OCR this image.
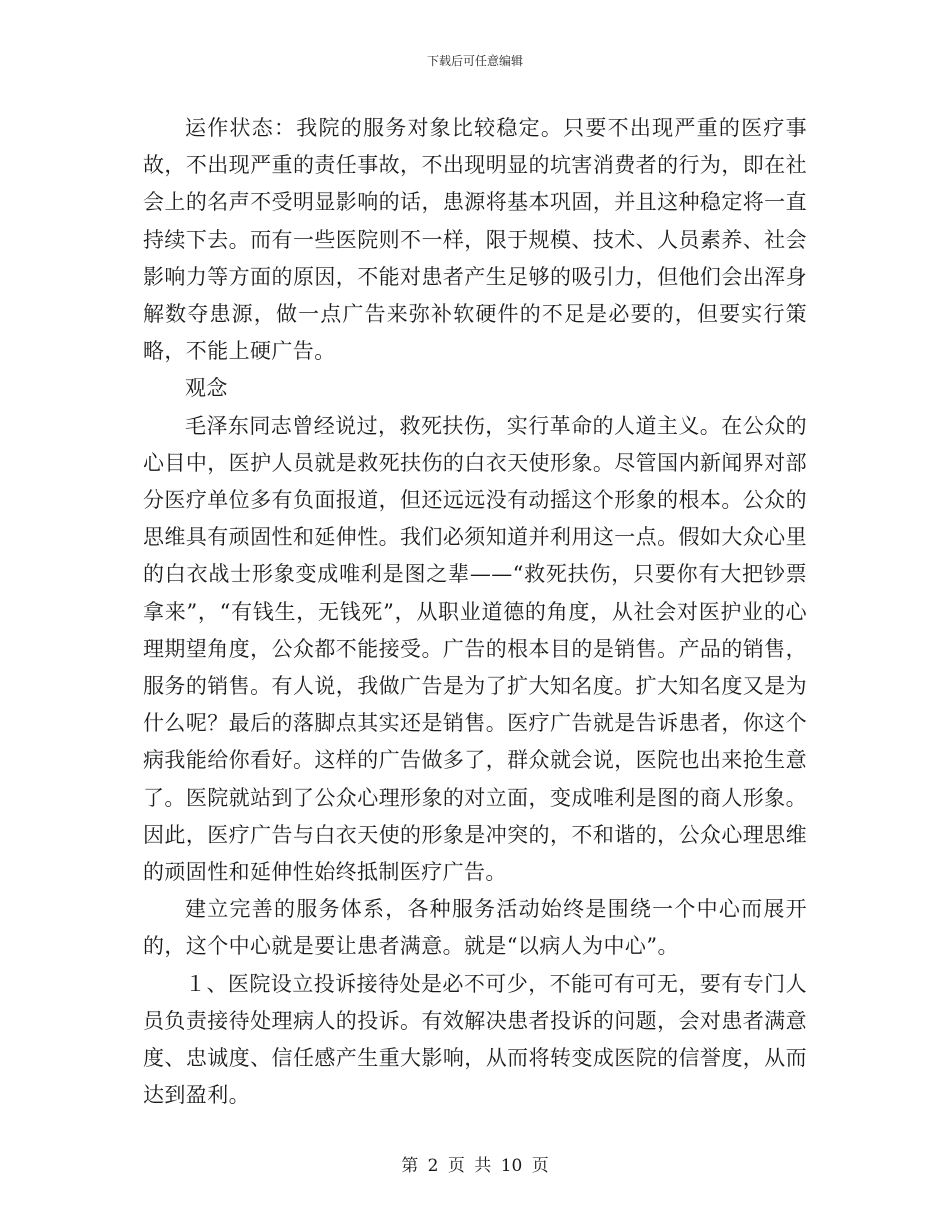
下载后可任意编辑

运作状态：我院的服务对象比较稳定。只要不出现严重的医疗事故，不出现严重的责任事故，不出现明显的坑害消费者的行为，即在社会上的名声不受明显影响的话，患源将基本巩固，并且这种稳定将一直持续下去。而有一些医院则不一样，限于规模、技术、人员素养、社会影响力等方面的原因，不能对患者产生足够的吸引力，但他们会出浑身解数夺患源，做一点广告来弥补软硬件的不足是必要的，但要实行策略，不能上硬广告。

观念

毛泽东同志曾经说过，救死扶伤，实行革命的人道主义。在公众的心目中，医护人员就是救死扶伤的白衣天使形象。尽管国内新闻界对部分医疗单位多有负面报道，但还远远没有动摇这个形象的根本。公众的思维具有顽固性和延伸性。我们必须知道并利用这一点。假如大众心里的白衣战士形象变成唯利是图之辈——“救死扶伤，只要你有大把钞票拿来”，“有钱生，无钱死”，从职业道德的角度，从社会对医护业的心理期望角度，公众都不能接受。广告的根本目的是销售。产品的销售，服务的销售。有人说，我做广告是为了扩大知名度。扩大知名度又是为什么呢？最后的落脚点其实还是销售。医疗广告就是告诉患者，你这个病我能给你看好。这样的广告做多了，群众就会说，医院也出来抢生意了。医院就站到了公众心理形象的对立面，变成唯利是图的商人形象。因此，医疗广告与白衣天使的形象是冲突的，不和谐的，公众心理思维的顽固性和延伸性始终抵制医疗广告。

建立完善的服务体系，各种服务活动始终是围绕一个中心而展开的，这个中心就是要让患者满意。就是“以病人为中心”。

１、医院设立投诉接待处是必不可少，不能可有可无，要有专门人员负责接待处理病人的投诉。有效解决患者投诉的问题，会对患者满意度、忠诚度、信任感产生重大影响，从而将转变成医院的信誉度，从而达到盈利。

第 2 页 共 10 页
